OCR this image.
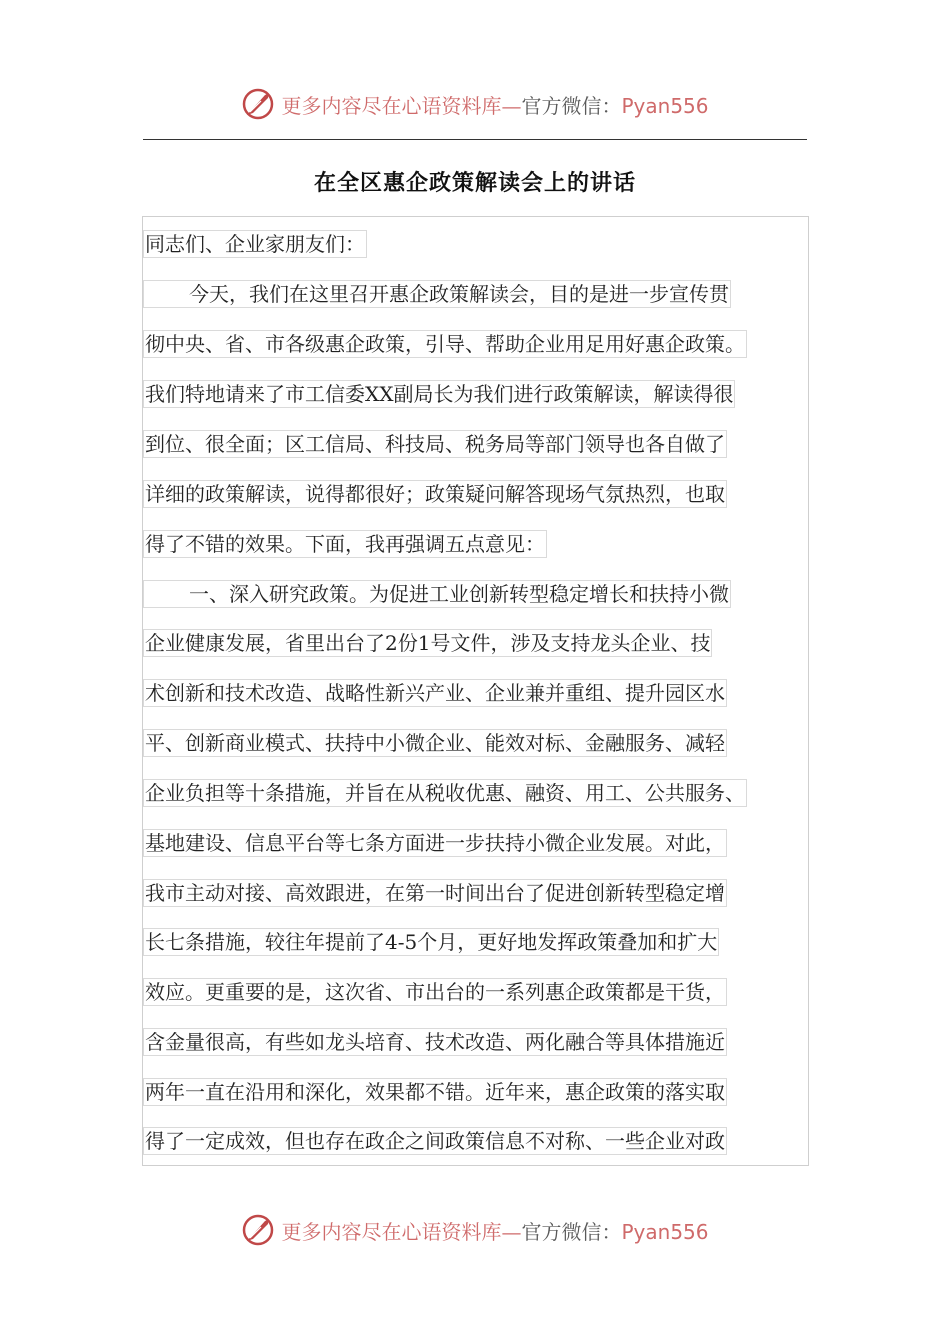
更多内容尽在心语资料库—官方微信：Pyan556
在全区惠企政策解读会上的讲话
同志们、企业家朋友们：
今天，我们在这里召开惠企政策解读会，目的是进一步宣传贯
彻中央、省、市各级惠企政策，引导、帮助企业用足用好惠企政策。
我们特地请来了市工信委XX副局长为我们进行政策解读，解读得很
到位、很全面；区工信局、科技局、税务局等部门领导也各自做了
详细的政策解读，说得都很好；政策疑问解答现场气氛热烈，也取
得了不错的效果。下面，我再强调五点意见：
一、深入研究政策。为促进工业创新转型稳定增长和扶持小微
企业健康发展，省里出台了2份1号文件，涉及支持龙头企业、技
术创新和技术改造、战略性新兴产业、企业兼并重组、提升园区水
平、创新商业模式、扶持中小微企业、能效对标、金融服务、减轻
企业负担等十条措施，并旨在从税收优惠、融资、用工、公共服务、
基地建设、信息平台等七条方面进一步扶持小微企业发展。对此，
我市主动对接、高效跟进，在第一时间出台了促进创新转型稳定增
长七条措施，较往年提前了4-5个月，更好地发挥政策叠加和扩大
效应。更重要的是，这次省、市出台的一系列惠企政策都是干货，
含金量很高，有些如龙头培育、技术改造、两化融合等具体措施近
两年一直在沿用和深化，效果都不错。近年来，惠企政策的落实取
得了一定成效，但也存在政企之间政策信息不对称、一些企业对政
更多内容尽在心语资料库—官方微信：Pyan556
